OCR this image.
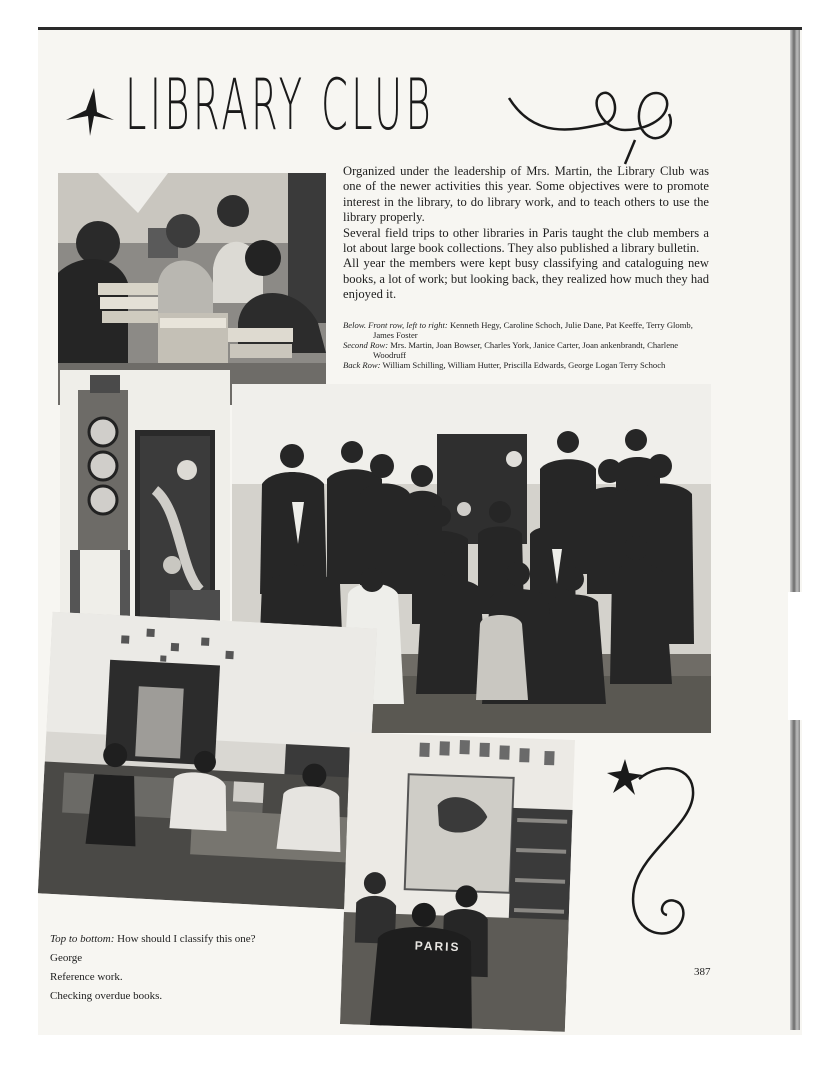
LIBRARY CLUB

Organized under the leadership of Mrs. Martin, the Library Club was one of the newer activities this year. Some objectives were to promote interest in the library, to do library work, and to teach others to use the library properly.

Several field trips to other libraries in Paris taught the club members a lot about large book collections. They also published a library bulletin.

All year the members were kept busy classifying and cataloguing new books, a lot of work; but looking back, they realized how much they had enjoyed it.

Below. Front row, left to right: Kenneth Hegy, Caroline Schoch, Julie Dane, Pat Keeffe, Terry Glomb, James Foster

Second Row: Mrs. Martin, Joan Bowser, Charles York, Janice Carter, Joan ankenbrandt, Charlene Woodruff

Back Row: William Schilling, William Hutter, Priscilla Edwards, George Logan Terry Schoch

PARIS

Top to bottom: How should I classify this one?

George

Reference work.

Checking overdue books.

387
